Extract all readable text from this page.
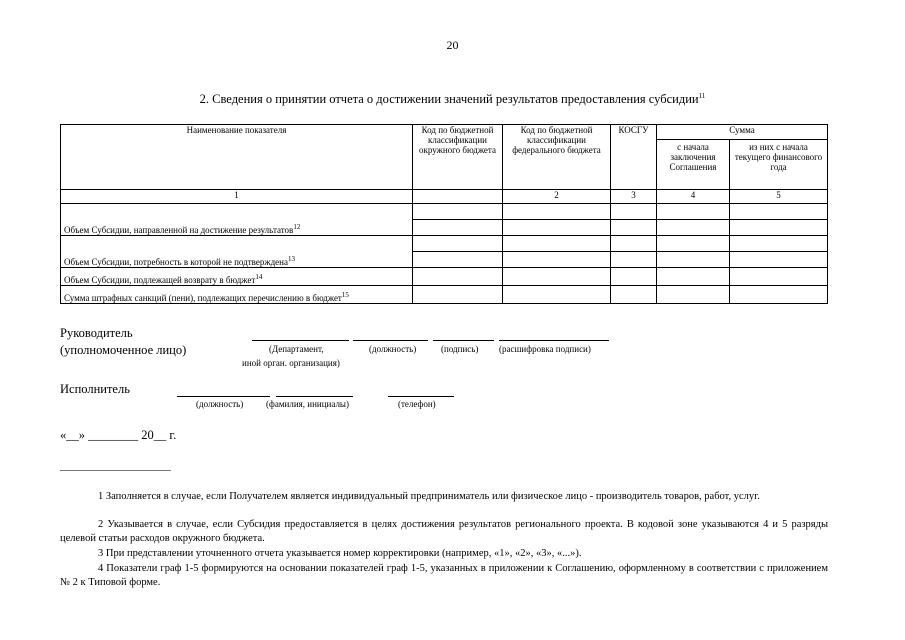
20
2. Сведения о принятии отчета о достижении значений результатов предоставления субсидии$^{11}$
Наименование показателя	Код по бюджетной классификации окружного бюджета	Код по бюджетной классификации федерального бюджета	КОСГУ	Сумма	
				с начала заключения Соглашения	из них с начала текущего финансового года
1		2	3	4	5
Объем Субсидии, направленной на достижение результатов$^{12}$					

Объем Субсидии, потребность в которой не подтверждена$^{13}$					

Объем Субсидии, подлежащей возврату в бюджет$^{14}$					
Сумма штрафных санкций (пени), подлежащих перечислению в бюджет$^{15}$					
Руководитель
(уполномоченное лицо)	(Департамент,
иной орган. организация)
(должность)	(подпись) (расшифровка подписи)
Исполнитель
(должность)	(фамилия, инициалы)	(телефон)
«__» ________ 20__ г.
1 Заполняется в случае, если Получателем является индивидуальный предприниматель или физическое лицо - производитель товаров, работ, услуг.
2 Указывается в случае, если Субсидия предоставляется в целях достижения результатов регионального проекта. В кодовой зоне указываются 4 и 5 разряды целевой статьи расходов окружного бюджета.
3 При представлении уточненного отчета указывается номер корректировки (например, «1», «2», «3», «...»).
4 Показатели граф 1-5 формируются на основании показателей граф 1-5, указанных в приложении к Соглашению, оформленному в соответствии с приложением № 2 к Типовой форме.
